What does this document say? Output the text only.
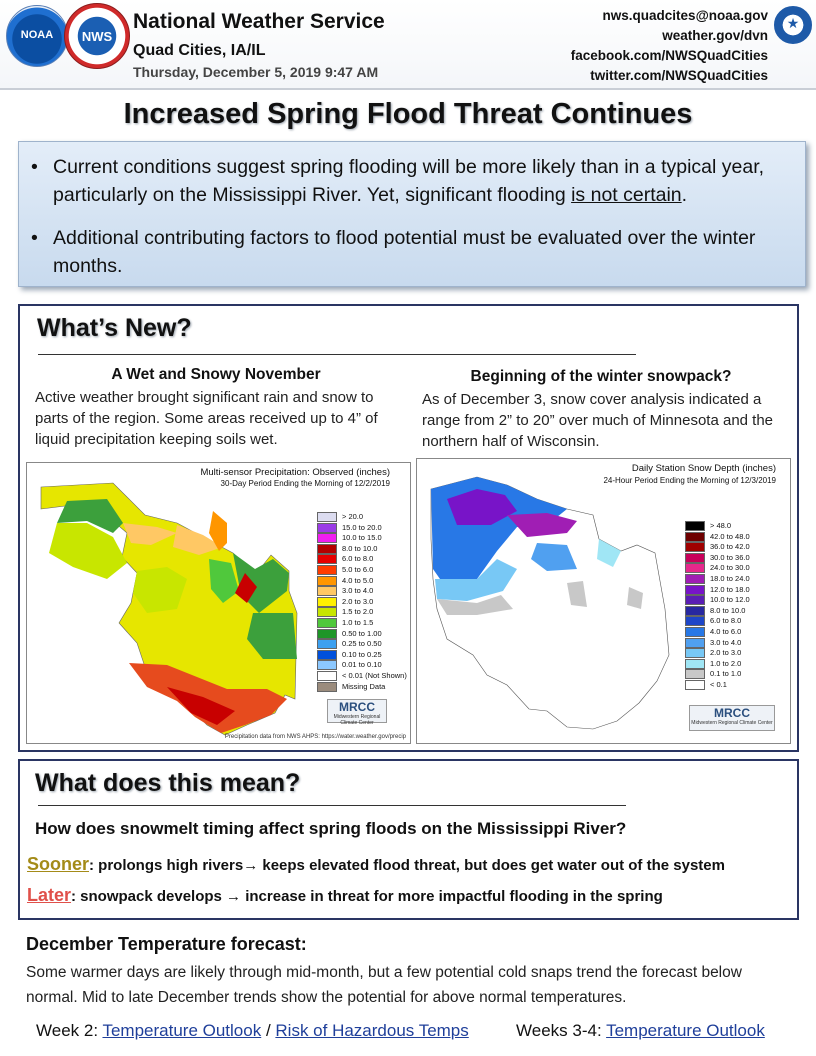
NOAA	NWS
National Weather Service
Quad Cities, IA/IL
Thursday, December 5, 2019 9:47 AM
nws.quadcites@noaa.gov
weather.gov/dvn
facebook.com/NWSQuadCities
twitter.com/NWSQuadCities
★
Increased Spring Flood Threat Continues
• Current conditions suggest spring flooding will be more likely than in a typical year, particularly on the Mississippi River. Yet, significant flooding is not certain.
• Additional contributing factors to flood potential must be evaluated over the winter months.
What’s New?
A Wet and Snowy November
Active weather brought significant rain and snow to parts of the region. Some areas received up to 4” of liquid precipitation keeping soils wet.
Beginning of the winter snowpack?
As of December 3, snow cover analysis indicated a range from 2” to 20” over much of Minnesota and the northern half of Wisconsin.
Multi-sensor Precipitation: Observed (inches)
30-Day Period Ending the Morning of 12/2/2019
> 20.0
15.0 to 20.0
10.0 to 15.0
8.0 to 10.0
6.0 to 8.0
5.0 to 6.0
4.0 to 5.0
3.0 to 4.0
2.0 to 3.0
1.5 to 2.0
1.0 to 1.5
0.50 to 1.00
0.25 to 0.50
0.10 to 0.25
0.01 to 0.10
< 0.01 (Not Shown)
Missing Data
MRCC
Midwestern Regional Climate Center
Precipitation data from NWS AHPS: https://water.weather.gov/precip
Daily Station Snow Depth (inches)
24-Hour Period Ending the Morning of 12/3/2019
> 48.0
42.0 to 48.0
36.0 to 42.0
30.0 to 36.0
24.0 to 30.0
18.0 to 24.0
12.0 to 18.0
10.0 to 12.0
8.0 to 10.0
6.0 to 8.0
4.0 to 6.0
3.0 to 4.0
2.0 to 3.0
1.0 to 2.0
0.1 to 1.0
< 0.1
MRCC
Midwestern Regional Climate Center
What does this mean?
How does snowmelt timing affect spring floods on the Mississippi River?
Sooner: prolongs high rivers→ keeps elevated flood threat, but does get water out of the system
Later: snowpack develops → increase in threat for more impactful flooding in the spring
December Temperature forecast:
Some warmer days are likely through mid-month, but a few potential cold snaps trend the forecast below normal. Mid to late December trends show the potential for above normal temperatures.
Week 2: Temperature Outlook / Risk of Hazardous Temps	Weeks 3-4: Temperature Outlook
